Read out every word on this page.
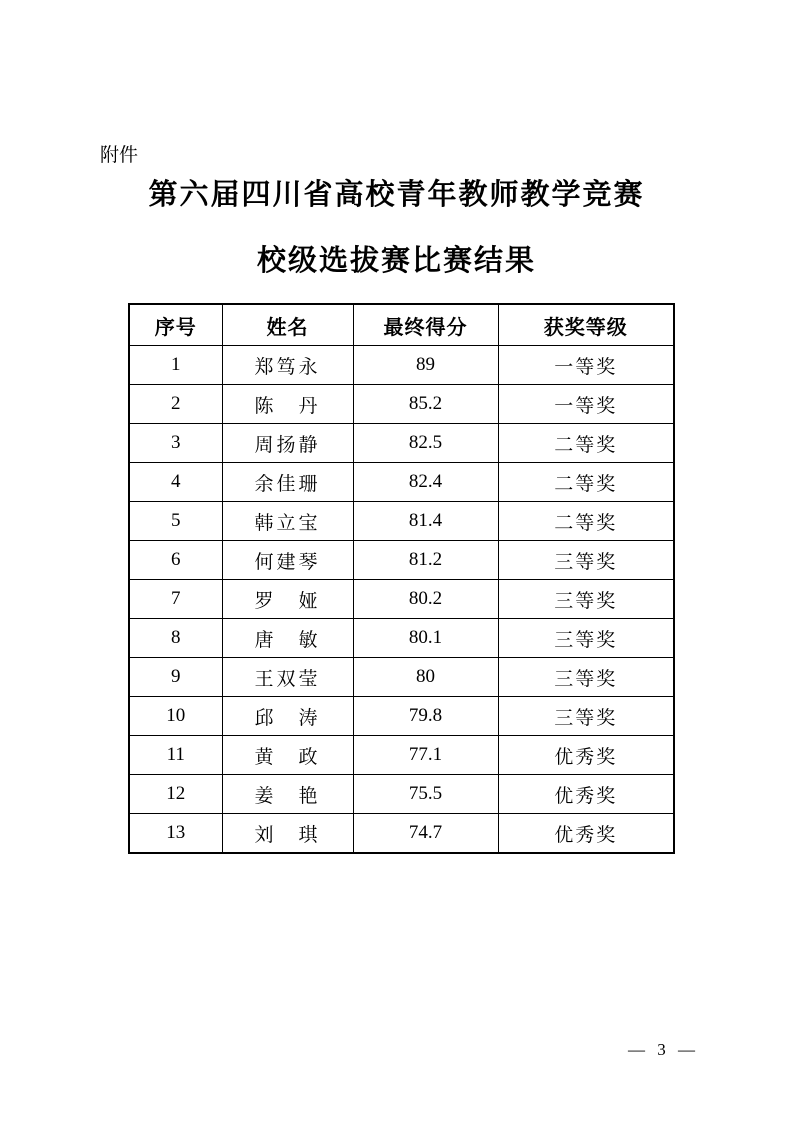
附件
第六届四川省高校青年教师教学竞赛
校级选拔赛比赛结果
序号	姓名	最终得分	获奖等级
1	郑笃永	89	一等奖
2	陈　丹	85.2	一等奖
3	周扬静	82.5	二等奖
4	余佳珊	82.4	二等奖
5	韩立宝	81.4	二等奖
6	何建琴	81.2	三等奖
7	罗　娅	80.2	三等奖
8	唐　敏	80.1	三等奖
9	王双莹	80	三等奖
10	邱　涛	79.8	三等奖
11	黄　政	77.1	优秀奖
12	姜　艳	75.5	优秀奖
13	刘　琪	74.7	优秀奖
— 3 —
